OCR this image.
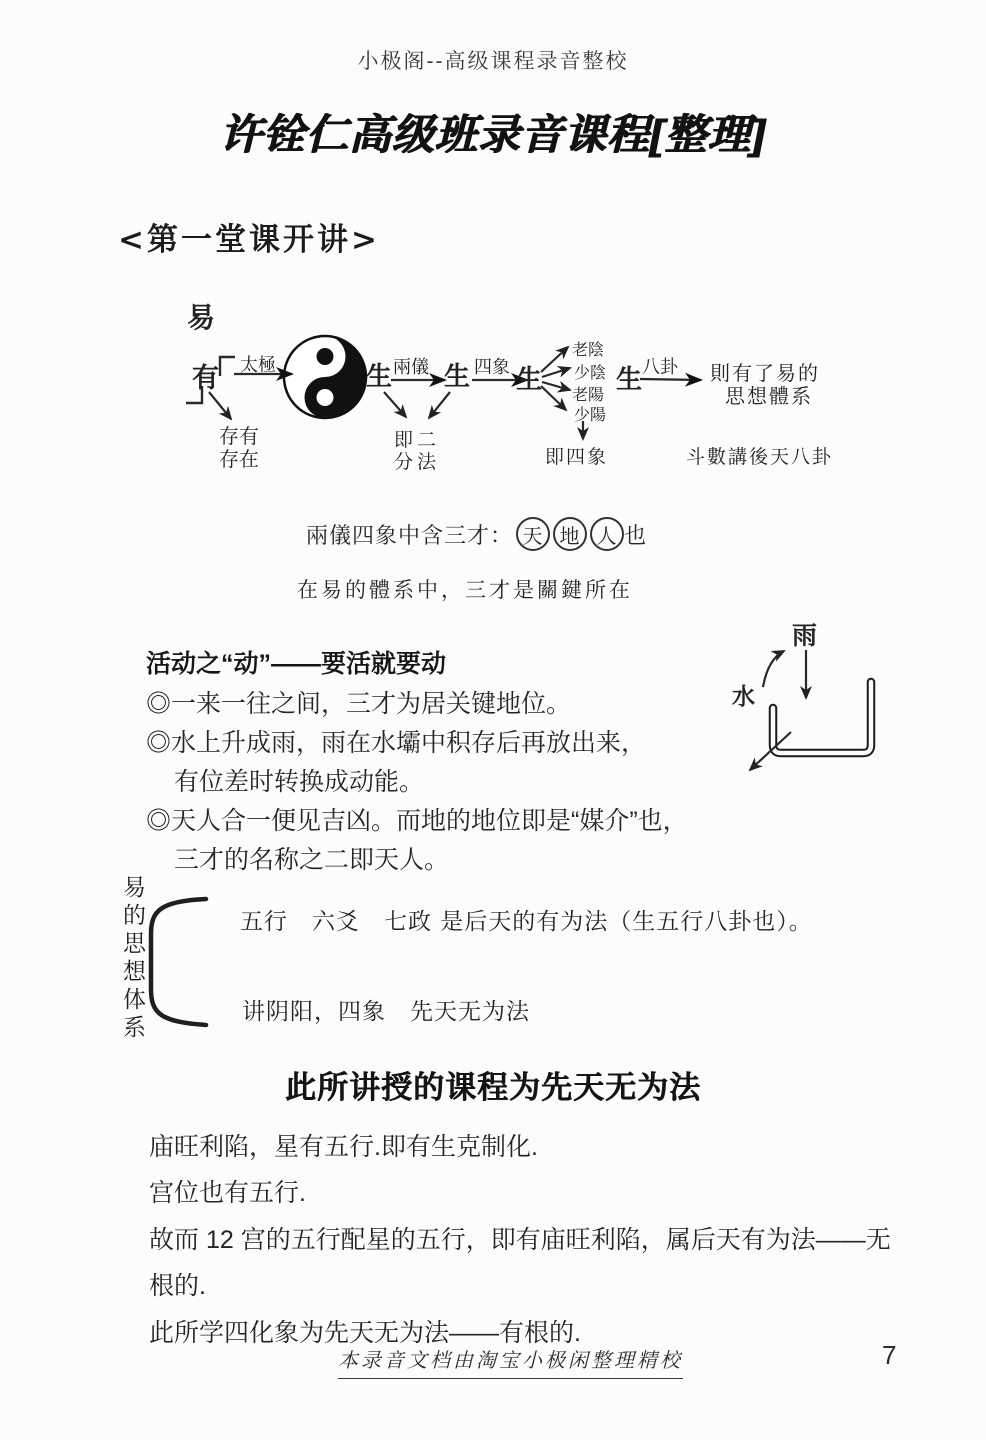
小极阁--高级课程录音整校
许铨仁高级班录音课程[整理]
<第一堂课开讲>
易
有 太極
存有
存在
生 兩儀 生 四象 生
老陰
少陰
老陽
少陽
生 八卦 則有了易的
思想體系
即二
分法	即四象	斗數講後天八卦
兩儀四象中含三才： 天 地 人 也
在易的體系中，三才是關鍵所在
活动之“动”——要活就要动
◎一来一往之间，三才为居关键地位。
◎水上升成雨，雨在水壩中积存后再放出来，
有位差时转换成动能。
◎天人合一便见吉凶。而地的地位即是“媒介”也，
三才的名称之二即天人。
雨
水
易的思想体系	五行　六爻　七政 是后天的有为法（生五行八卦也）。
讲阴阳，四象　先天无为法
此所讲授的课程为先天无为法
庙旺利陷，星有五行.即有生克制化.
宫位也有五行.
故而 12 宫的五行配星的五行，即有庙旺利陷，属后天有为法——无
根的.
此所学四化象为先天无为法——有根的.
本录音文档由淘宝小极闲整理精校	7
